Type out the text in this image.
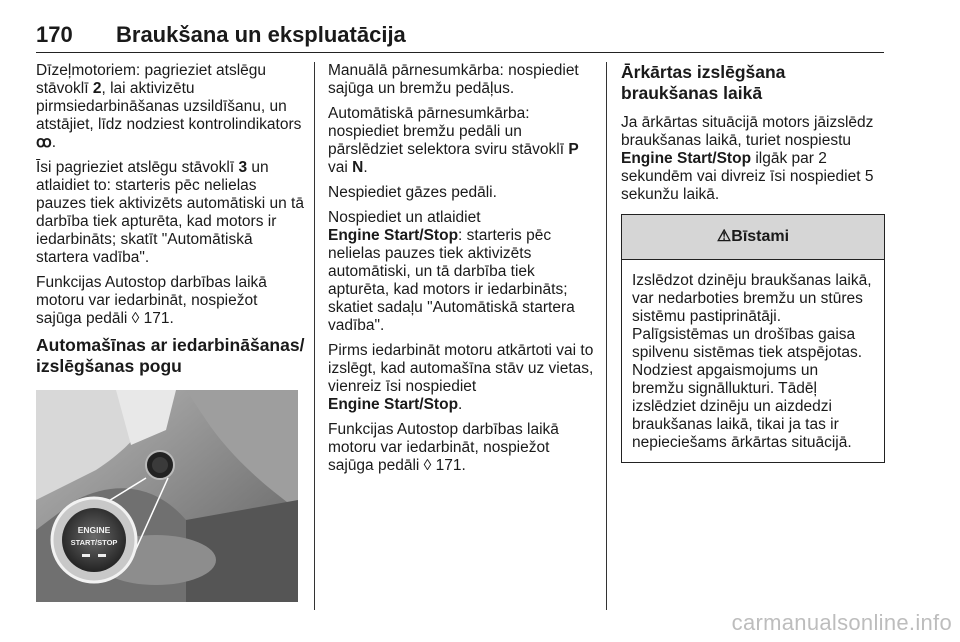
170 Braukšana un ekspluatācija

Dīzeļmotoriem: pagrieziet atslēgu stāvoklī 2, lai aktivizētu pirmsiedarbināšanas uzsildīšanu, un atstājiet, līdz nodziest kontrolindikators ꝏ.

Īsi pagrieziet atslēgu stāvoklī 3 un atlaidiet to: starteris pēc nelielas pauzes tiek aktivizēts automātiski un tā darbība tiek apturēta, kad motors ir iedarbināts; skatīt "Automātiskā startera vadība".

Funkcijas Autostop darbības laikā motoru var iedarbināt, nospiežot sajūga pedāli ◊ 171.

Automašīnas ar iedarbināšanas/ izslēgšanas pogu
ENGINE
START/STOP

Manuālā pārnesumkārba: nospiediet sajūga un bremžu pedāļus.

Automātiskā pārnesumkārba: nospiediet bremžu pedāli un pārslēdziet selektora sviru stāvoklī P vai N.

Nespiediet gāzes pedāli.

Nospiediet un atlaidiet
Engine Start/Stop: starteris pēc nelielas pauzes tiek aktivizēts automātiski, un tā darbība tiek apturēta, kad motors ir iedarbināts; skatiet sadaļu "Automātiskā startera vadība".

Pirms iedarbināt motoru atkārtoti vai to izslēgt, kad automašīna stāv uz vietas, vienreiz īsi nospiediet
Engine Start/Stop.

Funkcijas Autostop darbības laikā motoru var iedarbināt, nospiežot sajūga pedāli ◊ 171.

Ārkārtas izslēgšana braukšanas laikā

Ja ārkārtas situācijā motors jāizslēdz braukšanas laikā, turiet nospiestu Engine Start/Stop ilgāk par 2 sekundēm vai divreiz īsi nospiediet 5 sekunžu laikā.

⚠ Bīstami
Izslēdzot dzinēju braukšanas laikā, var nedarboties bremžu un stūres sistēmu pastiprinātāji. Palīgsistēmas un drošības gaisa spilvenu sistēmas tiek atspējotas. Nodziest apgaismojums un bremžu signāllukturi. Tādēļ izslēdziet dzinēju un aizdedzi braukšanas laikā, tikai ja tas ir nepieciešams ārkārtas situācijā.
carmanualsonline.info
